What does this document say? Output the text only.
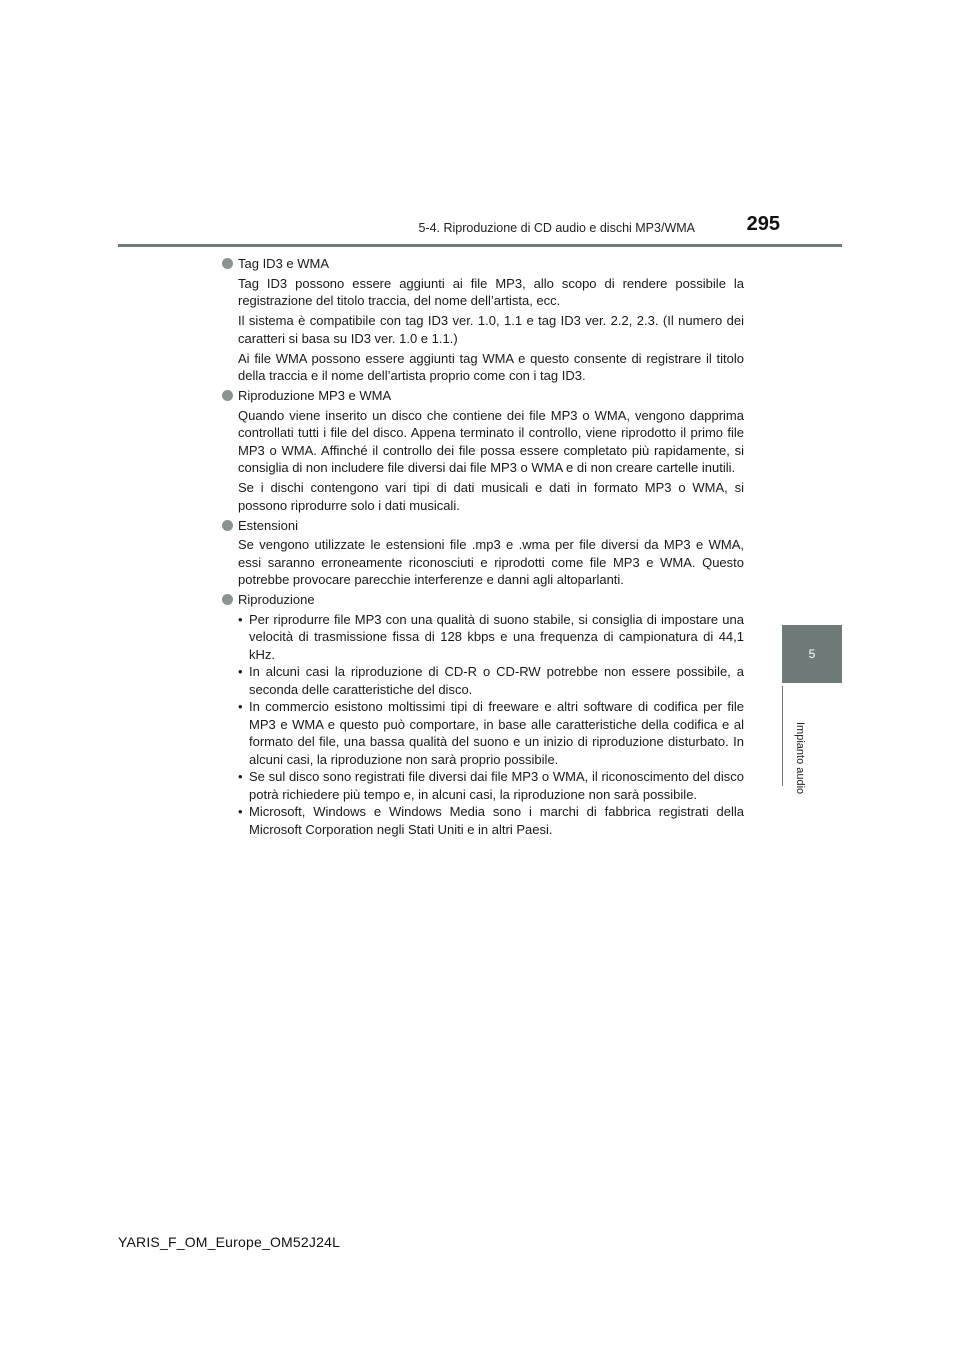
5-4. Riproduzione di CD audio e dischi MP3/WMA	295
5
Impianto audio
Tag ID3 e WMA

Tag ID3 possono essere aggiunti ai file MP3, allo scopo di rendere possibile la registrazione del titolo traccia, del nome dell’artista, ecc.

Il sistema è compatibile con tag ID3 ver. 1.0, 1.1 e tag ID3 ver. 2.2, 2.3. (Il numero dei caratteri si basa su ID3 ver. 1.0 e 1.1.)

Ai file WMA possono essere aggiunti tag WMA e questo consente di registrare il titolo della traccia e il nome dell’artista proprio come con i tag ID3.

Riproduzione MP3 e WMA

Quando viene inserito un disco che contiene dei file MP3 o WMA, vengono dapprima controllati tutti i file del disco. Appena terminato il controllo, viene riprodotto il primo file MP3 o WMA. Affinché il controllo dei file possa essere completato più rapidamente, si consiglia di non includere file diversi dai file MP3 o WMA e di non creare cartelle inutili.

Se i dischi contengono vari tipi di dati musicali e dati in formato MP3 o WMA, si possono riprodurre solo i dati musicali.

Estensioni

Se vengono utilizzate le estensioni file .mp3 e .wma per file diversi da MP3 e WMA, essi saranno erroneamente riconosciuti e riprodotti come file MP3 e WMA. Questo potrebbe provocare parecchie interferenze e danni agli altoparlanti.

Riproduzione
• Per riprodurre file MP3 con una qualità di suono stabile, si consiglia di impostare una velocità di trasmissione fissa di 128 kbps e una frequenza di campionatura di 44,1 kHz.
• In alcuni casi la riproduzione di CD-R o CD-RW potrebbe non essere possibile, a seconda delle caratteristiche del disco.
• In commercio esistono moltissimi tipi di freeware e altri software di codifica per file MP3 e WMA e questo può comportare, in base alle caratteristiche della codifica e al formato del file, una bassa qualità del suono e un inizio di riproduzione disturbato. In alcuni casi, la riproduzione non sarà proprio possibile.
• Se sul disco sono registrati file diversi dai file MP3 o WMA, il riconoscimento del disco potrà richiedere più tempo e, in alcuni casi, la riproduzione non sarà possibile.
• Microsoft, Windows e Windows Media sono i marchi di fabbrica registrati della Microsoft Corporation negli Stati Uniti e in altri Paesi.
YARIS_F_OM_Europe_OM52J24L
